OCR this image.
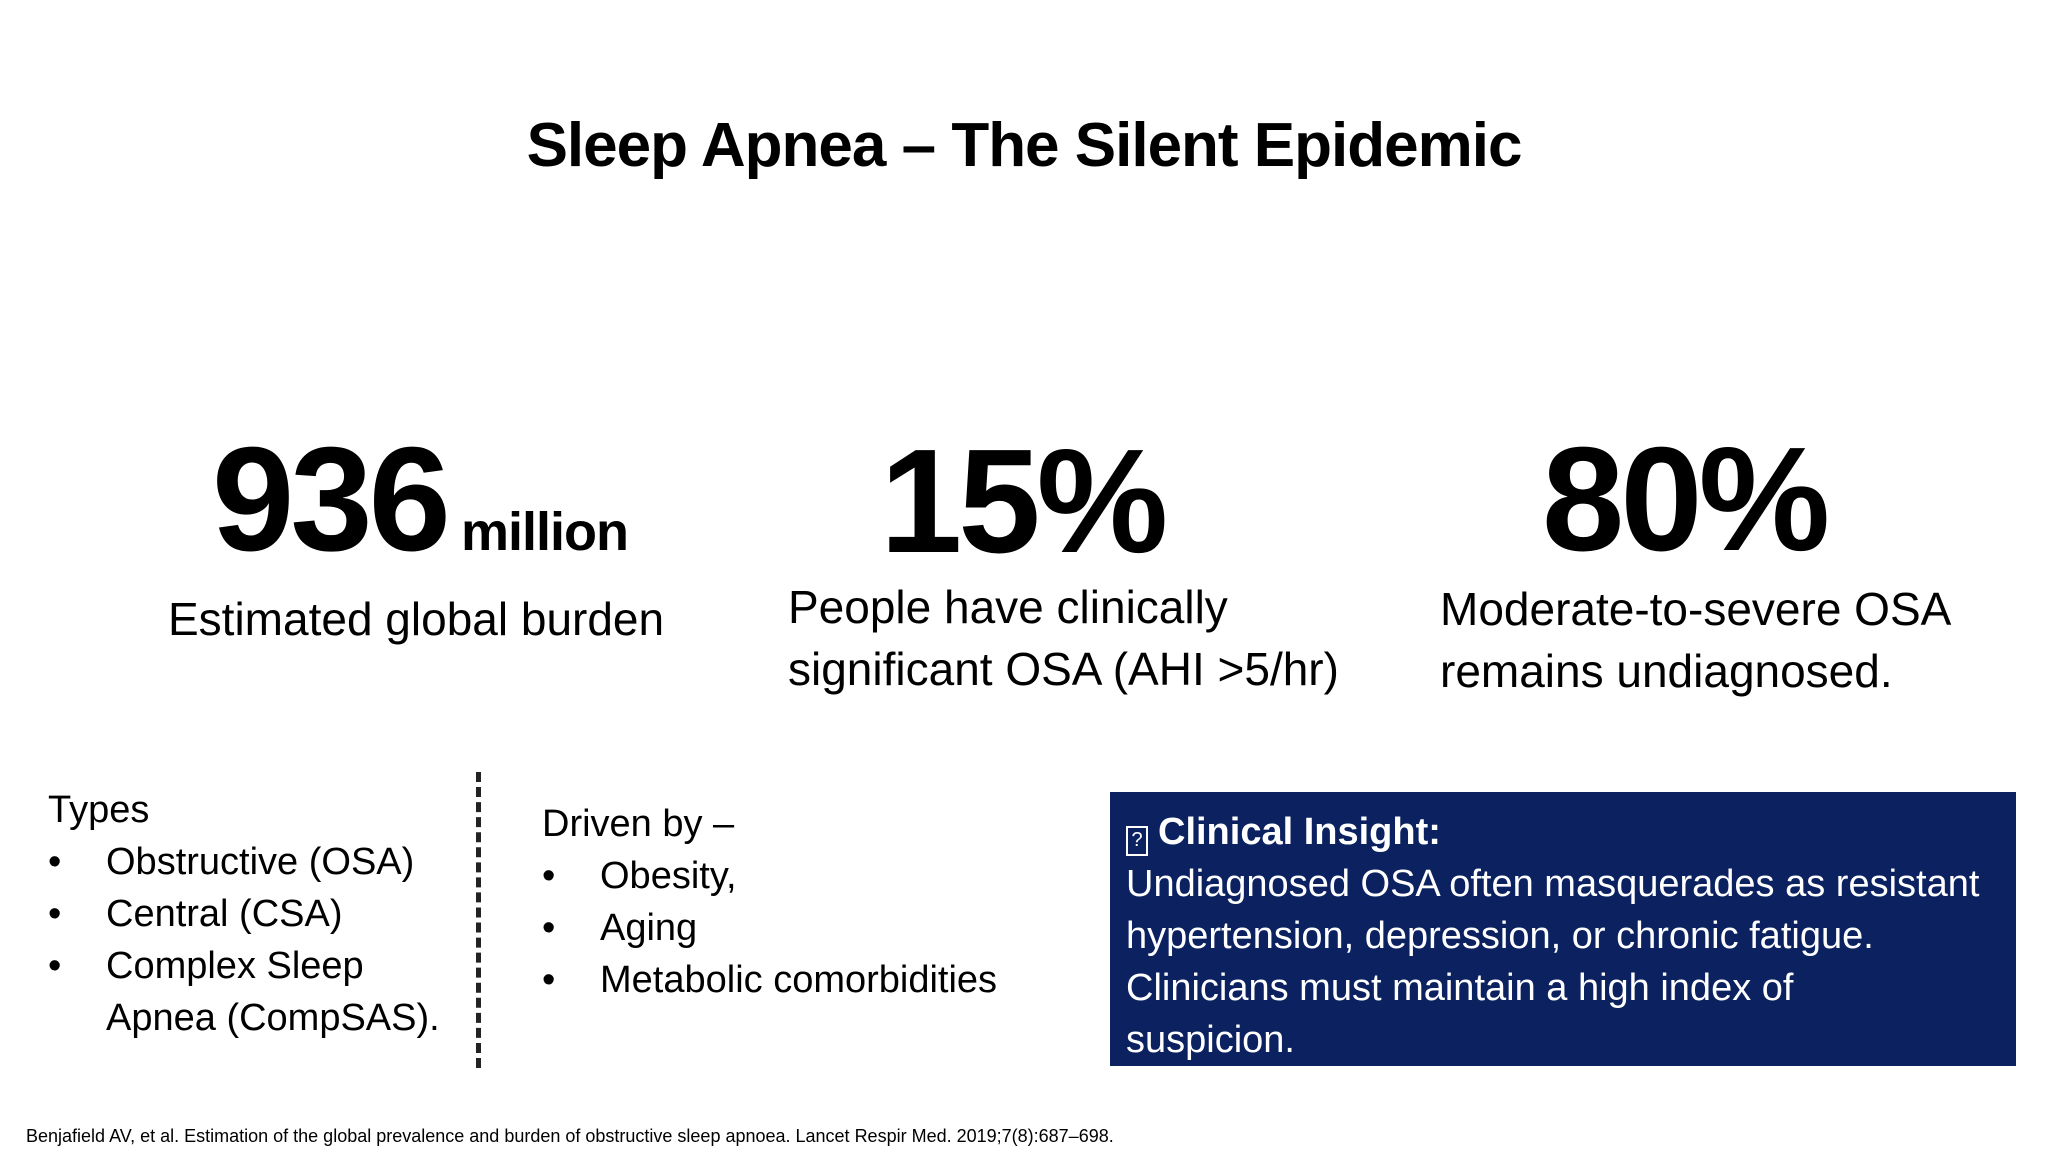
Sleep Apnea – The Silent Epidemic
936 million
Estimated global burden
15%
People have clinically
significant OSA (AHI >5/hr)
80%
Moderate-to-severe OSA
remains undiagnosed.
Types
• Obstructive (OSA)
• Central (CSA)
• Complex Sleep
Apnea (CompSAS).
Driven by –
• Obesity,
• Aging
• Metabolic comorbidities
? Clinical Insight:
Undiagnosed OSA often masquerades as resistant
hypertension, depression, or chronic fatigue.
Clinicians must maintain a high index of
suspicion.
Benjafield AV, et al. Estimation of the global prevalence and burden of obstructive sleep apnoea. Lancet Respir Med. 2019;7(8):687–698.
